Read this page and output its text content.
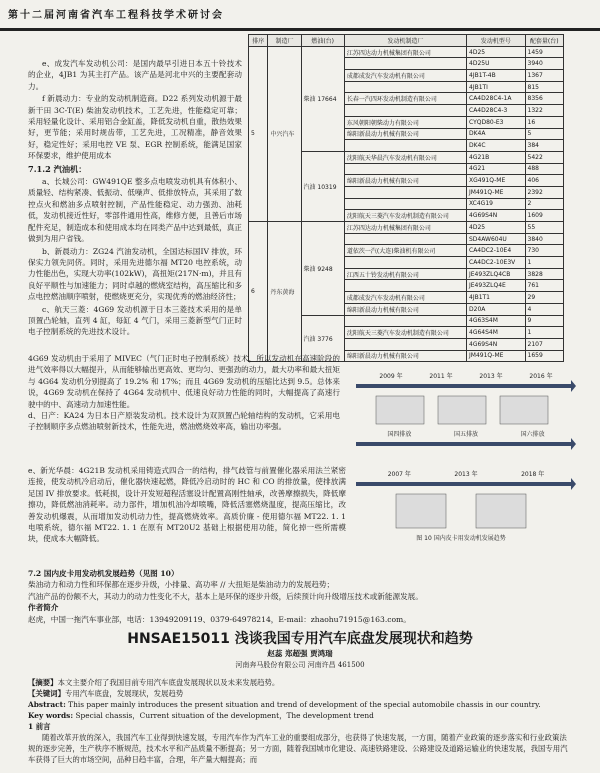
第十二届河南省汽车工程科技学术研讨会

e、成发汽车发动机公司：是国内最早引进日本五十铃技术的企业，4JB1 为其主打产品。该产品是河北中兴的主要配套动力。

f 新晨动力：专业的发动机制造商。D22 系列发动机源于最新干田 3C-T(E) 柴油发动机技术，工艺先进，性能稳定可靠；采用轻量化设计、采用铝合金缸盖，降低发动机自重，散热效果好，更节能；采用时规齿带，工艺先进，工况精准，静音效果好，稳定性好；采用电控 VE 泵、EGR 控制系统，能满足国家环保要求，维护使用成本

7.1.2 汽油机：

a、长城公司：GW491QE 整多点电喷发动机具有体积小、质量轻、结构紧凑、低振动、低噪声、低排放特点，其采用了数控点火和燃油多点喷射控制，产品性能稳定、动力强劲、油耗低，发动机接近性好，零部件通用性高，维修方便，且善后市场配件充足，制造成本和使用成本均在同类产品中达到最低，真正做到为用户省钱。

b、新晨动力：ZG24 汽油发动机，全国达标国IV 排放，环保实力领先同侪。同时，采用先进德尔福 MT20 电控系统，动力性能出色，实现大功率(102kW)，高扭矩(217N·m)，并且有良好平顺性与加速能力；同时卓越的燃烧室结构，高压缩比和多点电控燃油顺序喷射，使燃烧更充分，实现优秀的燃油经济性；

c、航天三菱：4G69 发动机源于日本三菱技术采用的是单顶置凸轮轴，直列 4 缸，每缸 4 气门，采用三菱新型气门正时电子控制系统的先进技术设计。

排序	制造厂	燃油(台)	发动机制造厂	发动机型号	配套量(台)
5	中兴汽车	柴油 17664	江苏四达动力机械集团有限公司	4D25	1459
				4D25U	3940
			成都成发汽车发动机有限公司	4JB1T-4B	1367
				4JB1TI	815
			长春一汽四环发动机制造有限公司	CA4D28C4-1A	8356
				CA4D28C4-3	1322
			东风朝阳朝柴动力有限公司	CYQD80-E3	16
			绵阳新晨动力机械有限公司	DK4A	5
				DK4C	384
		汽油 10319	沈阳航天华晨汽车发动机有限公司	4G21B	5422
				4G21	488
			绵阳新晨动力机械有限公司	XG491Q-ME	406
				JM491Q-ME	2392
				XC4G19	2
			沈阳航天三菱汽车发动机制造有限公司	4G69S4N	1609
6	丹东黄海	柴油 9248	江苏四达动力机械集团有限公司	4D25	55
				SD4AW604U	3840
			道依茨一汽(大连)柴油机有限公司	CA4DC2-10E4	730
				CA4DC2-10E3V	1
			江西五十铃发动机有限公司	JE493ZLQ4CB	3828
				JE493ZLQ4E	761
			成都成发汽车发动机有限公司	4JB1T1	29
			绵阳新晨动力机械有限公司	D20A	4
		汽油 3776		4G63S4M	9
			沈阳航天三菱汽车发动机制造有限公司	4G64S4M	1
				4G69S4N	2107
			绵阳新晨动力机械有限公司	JM491Q-ME	1659

4G69 发动机由于采用了 MIVEC（气门正时电子控制系统）技术，所以发动机在高速阶段的进气效率得以大幅提升，从而能够输出更高效、更均匀、更强劲的动力，最大功率和最大扭矩与 4G64 发动机分别提高了 19.2% 和 17%；而且 4G69 发动机的压缩比达到 9.5。总体来说，4G69 发动机在保持了 4G64 发动机中、低速良好动力性能的同时，大幅提高了高速行驶中的中、高速动力加速性能。

d、日产：KA24 为日本日产原装发动机。技术设计为双顶置凸轮轴结构的发动机，它采用电子控制顺序多点燃油喷射新技术，性能先进，燃油燃烧效率高，输出功率强。

2009 年	2011 年	2013 年	2016 年
国四排放	国五排放	国六排放
2007 年	2013 年	2018 年
图 10 国内皮卡用发动机发展趋势

e、新光华晨：4G21B 发动机采用铸造式四合一的结构，排气歧管与前置催化器采用法兰紧密连接，使发动机冷启动后，催化器快速起燃，降低冷启动时的 HC 和 CO 的排放量，使排放满足国 IV 排放要求。低耗损，设计开发短超程活塞设计配置高刚性轴承，改善摩擦损失，降低摩擦功，降低燃油消耗率。动力部件，增加机油冷却喷嘴，降低活塞燃烧温度，提高压缩比，改善发动机爆震，从而增加发动机动力性，提高燃烧效率。高质价廉 - 使用德尔福 MT22. 1. 1 电喷系统，德尔福 MT22. 1. 1 在原有 MT20U2 基础上根据使用功能，简化掉一些所需模块，使成本大幅降低。

7.2 国内皮卡用发动机发展趋势（见图 10）

柴油动力和动力性和环保都在逐步升级，小排量、高功率 // 大扭矩是柴油动力的发展趋势；

汽油产品的份额不大，其动力的动力性变化不大，基本上是环保的逐步升级，后续预计向升级增压技术或新能源发展。

作者简介

赵虎，中国一拖汽车事业部，电话：13949209119、0379-64978214，E-mail：zhaohu71915@163.com。

HNSAE15011 浅谈我国专用汽车底盘发展现状和趋势
赵蕊 郑超强 贾鸿瑞
河南奔马股份有限公司 河南许昌 461500

【摘要】本文主要介绍了我国目前专用汽车底盘发展现状以及未来发展趋势。

【关键词】专用汽车底盘，发展现状，发展趋势

Abstract: This paper mainly introduces the present situation and trend of development of the special automobile chassis in our country.

Key words: Special chassis，Current situation of the development，The development trend

1 前言

随着改革开放的深入，我国汽车工业得到快速发展，专用汽车作为汽车工业的重要组成部分，也获得了快速发展，一方面，随着产业政策的逐步落实和行业政策法规的逐步完善，生产秩序不断规范，技术水平和产品质量不断提高；另一方面，随着我国城市化建设、高速铁路建设、公路建设及道路运输业的快速发展，我国专用汽车获得了巨大的市场空间，品种日趋丰富，合理，年产量大幅提高；而
